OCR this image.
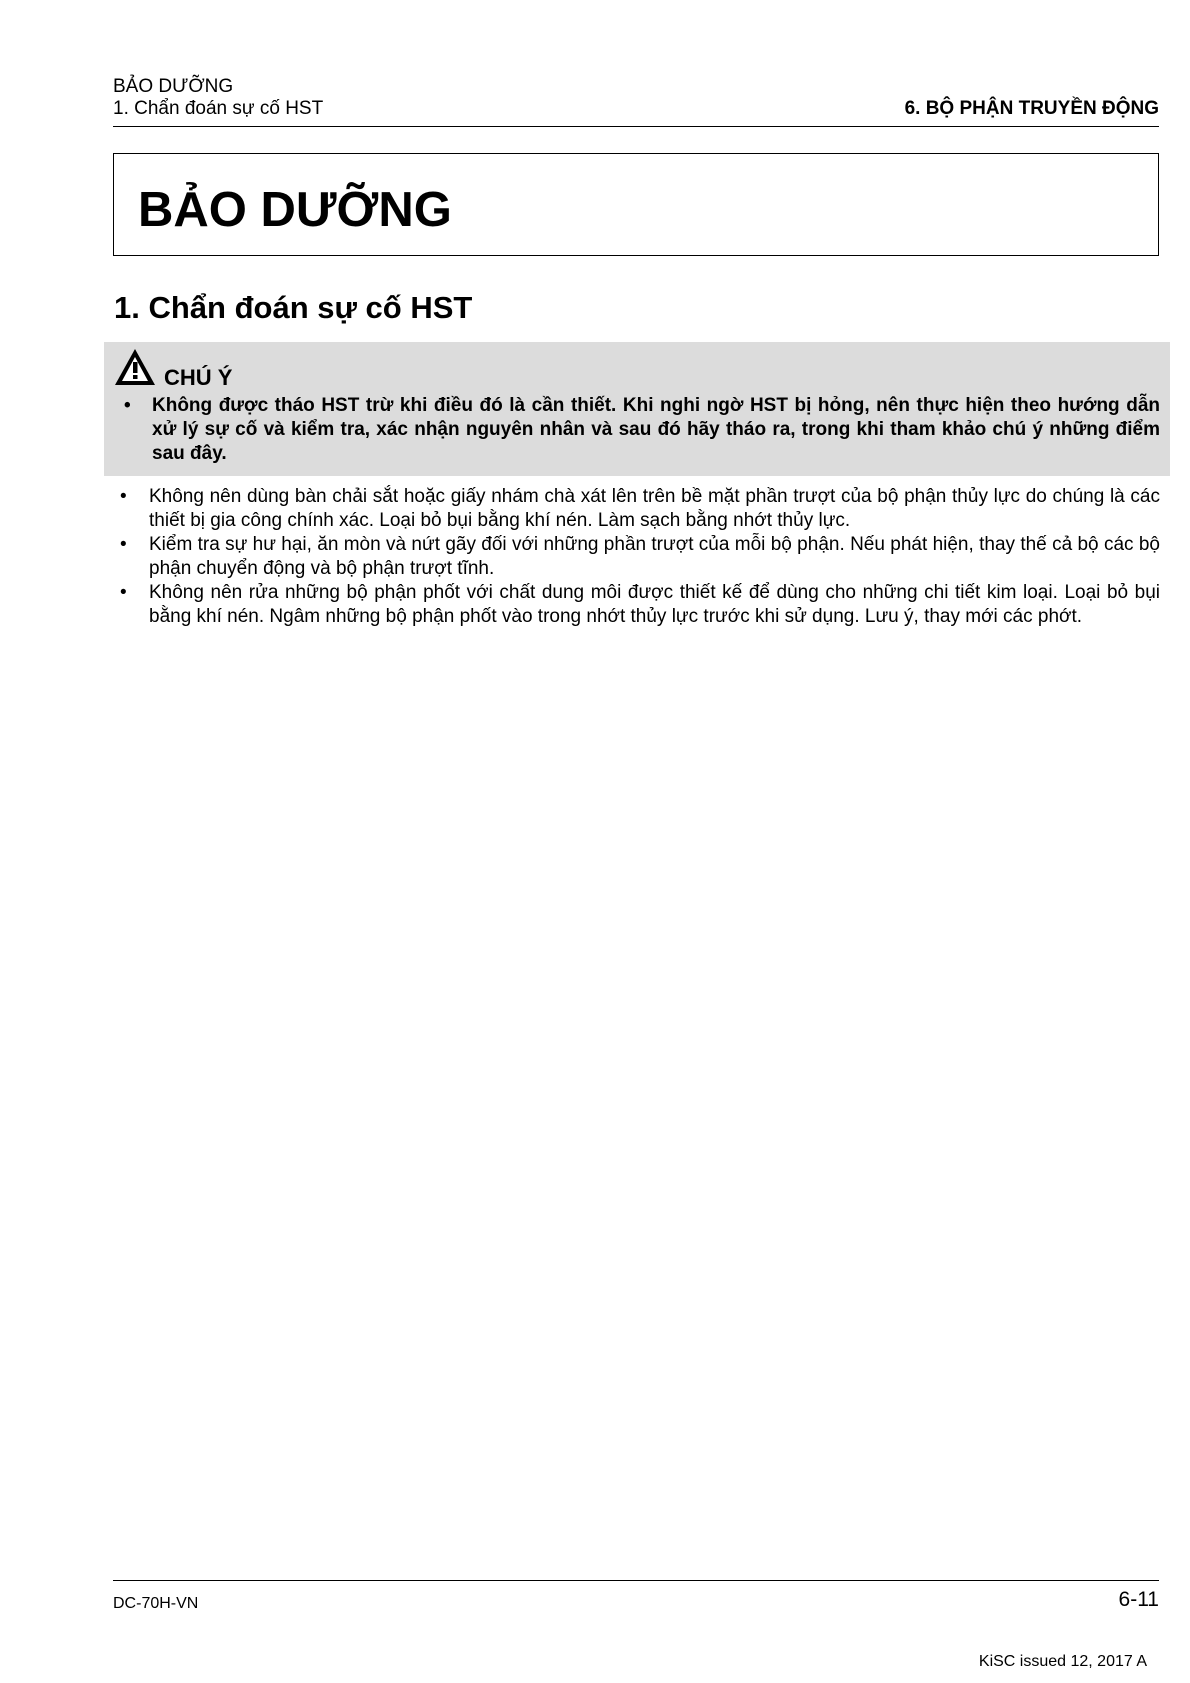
BẢO DƯỠNG
1. Chẩn đoán sự cố HST	6. BỘ PHẬN TRUYỀN ĐỘNG
BẢO DƯỠNG
1. Chẩn đoán sự cố HST
CHÚ Ý
•	Không được tháo HST trừ khi điều đó là cần thiết. Khi nghi ngờ HST bị hỏng, nên thực hiện theo hướng dẫn xử lý sự cố và kiểm tra, xác nhận nguyên nhân và sau đó hãy tháo ra, trong khi tham khảo chú ý những điểm sau đây.
•	Không nên dùng bàn chải sắt hoặc giấy nhám chà xát lên trên bề mặt phần trượt của bộ phận thủy lực do chúng là các thiết bị gia công chính xác. Loại bỏ bụi bằng khí nén. Làm sạch bằng nhớt thủy lực.
•	Kiểm tra sự hư hại, ăn mòn và nứt gãy đối với những phần trượt của mỗi bộ phận. Nếu phát hiện, thay thế cả bộ các bộ phận chuyển động và bộ phận trượt tĩnh.
•	Không nên rửa những bộ phận phốt với chất dung môi được thiết kế để dùng cho những chi tiết kim loại. Loại bỏ bụi bằng khí nén. Ngâm những bộ phận phốt vào trong nhớt thủy lực trước khi sử dụng. Lưu ý, thay mới các phớt.
DC-70H-VN	6-11
KiSC issued 12, 2017 A
